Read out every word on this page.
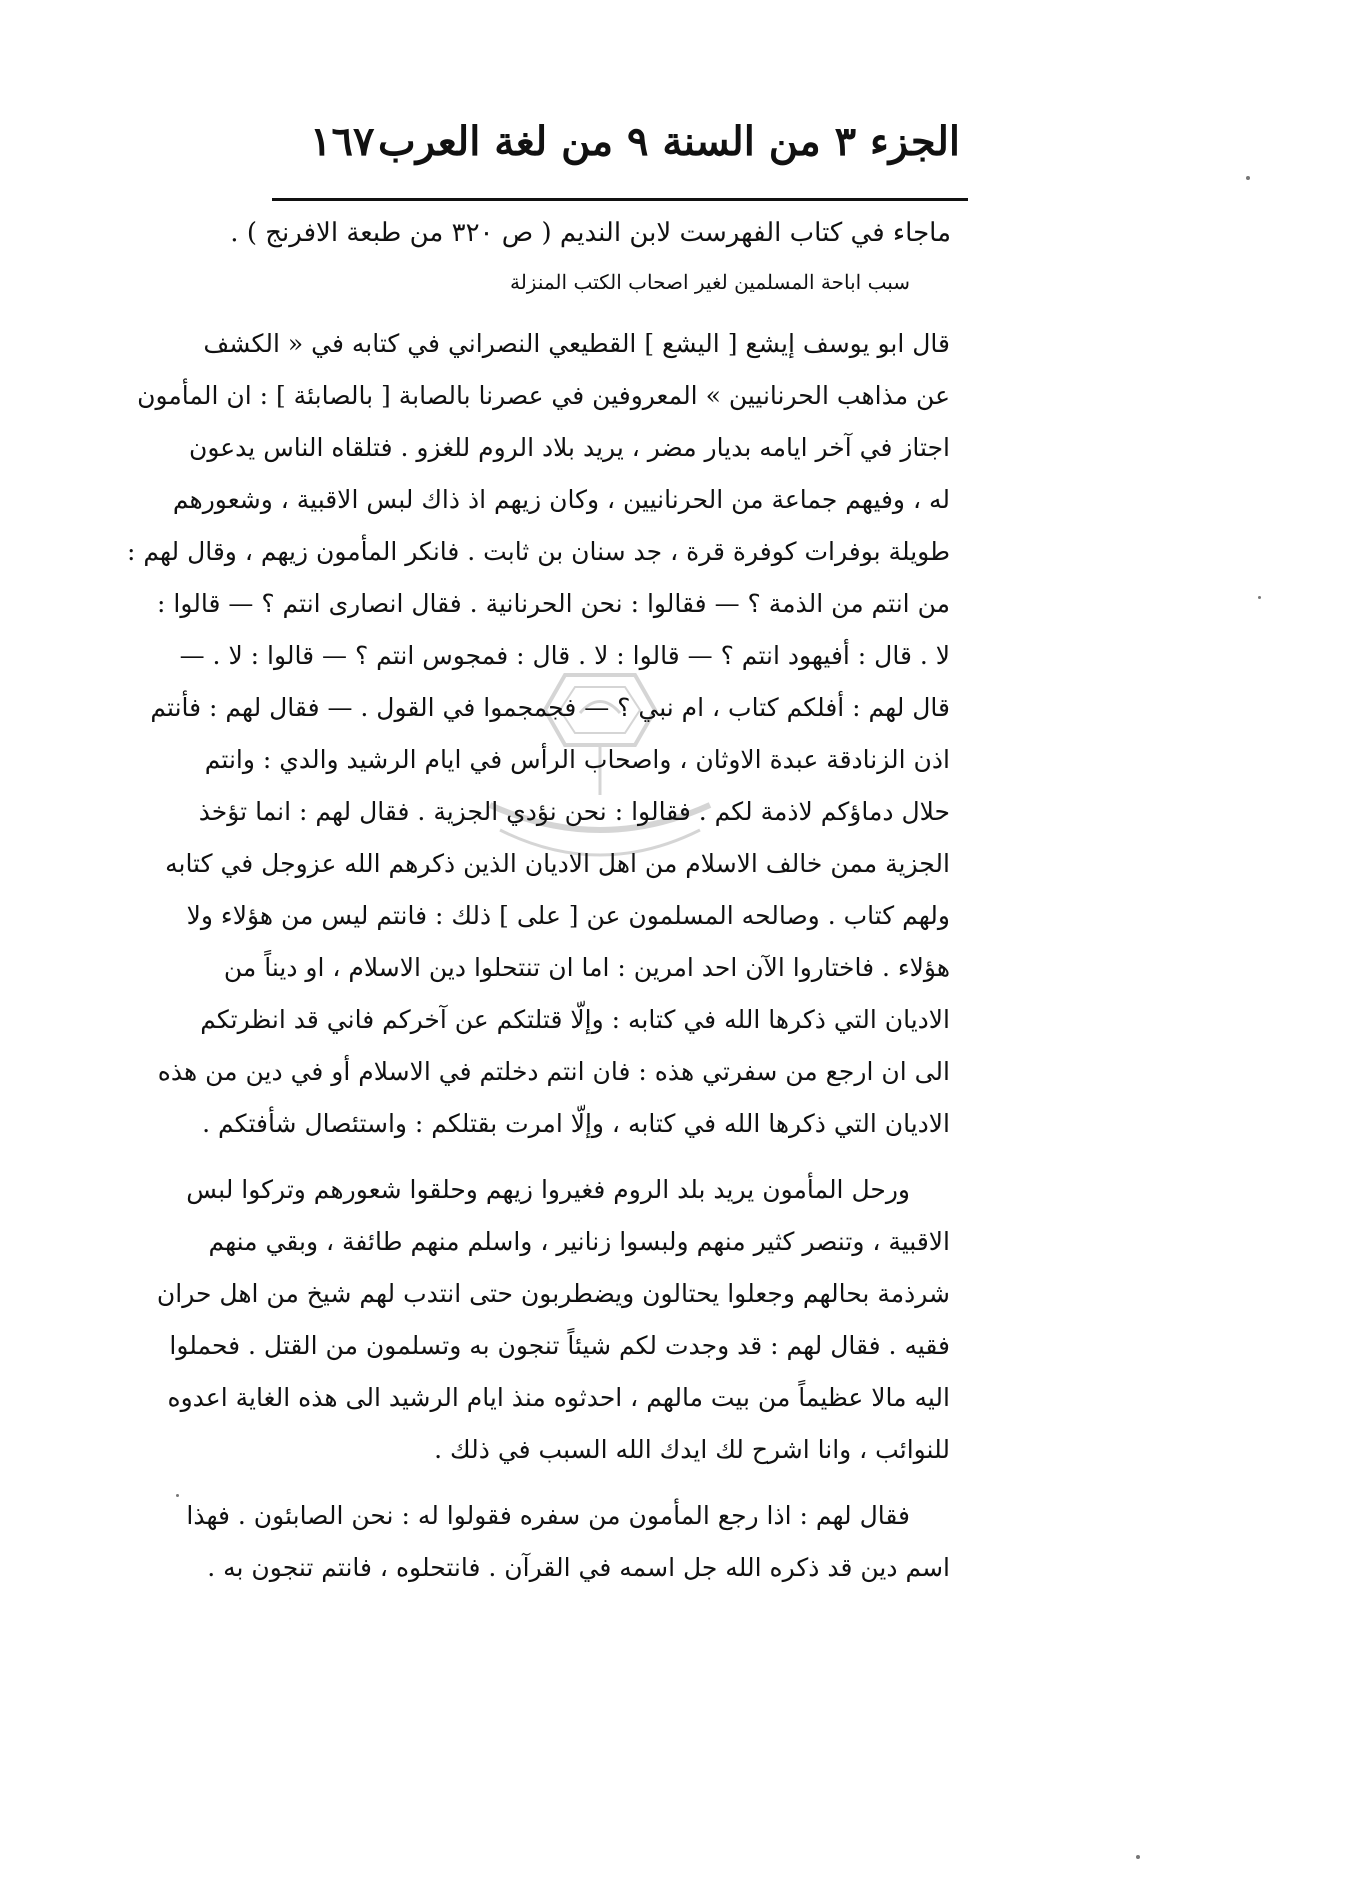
الجزء ٣ من السنة ٩ من لغة العرب
١٦٧
ماجاء في كتاب الفهرست لابن النديم ( ص ٣٢٠ من طبعة الافرنج ) .
سبب اباحة المسلمين لغير اصحاب الكتب المنزلة
قال ابو يوسف إيشع [ اليشع ] القطيعي النصراني في كتابه في « الكشف
عن مذاهب الحرنانيين » المعروفين في عصرنا بالصابة [ بالصابئة ] : ان المأمون
اجتاز في آخر ايامه بديار مضر ، يريد بلاد الروم للغزو . فتلقاه الناس يدعون
له ، وفيهم جماعة من الحرنانيين ، وكان زيهم اذ ذاك لبس الاقبية ، وشعورهم
طويلة بوفرات كوفرة قرة ، جد سنان بن ثابت . فانكر المأمون زيهم ، وقال لهم :
من انتم من الذمة ؟ — فقالوا : نحن الحرنانية . فقال انصارى انتم ؟ — قالوا :
لا . قال : أفيهود انتم ؟ — قالوا : لا . قال : فمجوس انتم ؟ — قالوا : لا . —
قال لهم : أفلكم كتاب ، ام نبي ؟ — فجمجموا في القول . — فقال لهم : فأنتم
اذن الزنادقة عبدة الاوثان ، واصحاب الرأس في ايام الرشيد والدي : وانتم
حلال دماؤكم لاذمة لكم . فقالوا : نحن نؤدي الجزية . فقال لهم : انما تؤخذ
الجزية ممن خالف الاسلام من اهل الاديان الذين ذكرهم الله عزوجل في كتابه
ولهم كتاب . وصالحه المسلمون عن [ على ] ذلك : فانتم ليس من هؤلاء ولا
هؤلاء . فاختاروا الآن احد امرين : اما ان تنتحلوا دين الاسلام ، او ديناً من
الاديان التي ذكرها الله في كتابه : وإلّا قتلتكم عن آخركم فاني قد انظرتكم
الى ان ارجع من سفرتي هذه : فان انتم دخلتم في الاسلام أو في دين من هذه
الاديان التي ذكرها الله في كتابه ، وإلّا امرت بقتلكم : واستئصال شأفتكم .
ورحل المأمون يريد بلد الروم فغيروا زيهم وحلقوا شعورهم وتركوا لبس
الاقبية ، وتنصر كثير منهم ولبسوا زنانير ، واسلم منهم طائفة ، وبقي منهم
شرذمة بحالهم وجعلوا يحتالون ويضطربون حتى انتدب لهم شيخ من اهل حران
فقيه . فقال لهم : قد وجدت لكم شيئاً تنجون به وتسلمون من القتل . فحملوا
اليه مالا عظيماً من بيت مالهم ، احدثوه منذ ايام الرشيد الى هذه الغاية اعدوه
للنوائب ، وانا اشرح لك ايدك الله السبب في ذلك .
فقال لهم : اذا رجع المأمون من سفره فقولوا له : نحن الصابئون . فهذا
اسم دين قد ذكره الله جل اسمه في القرآن . فانتحلوه ، فانتم تنجون به .
